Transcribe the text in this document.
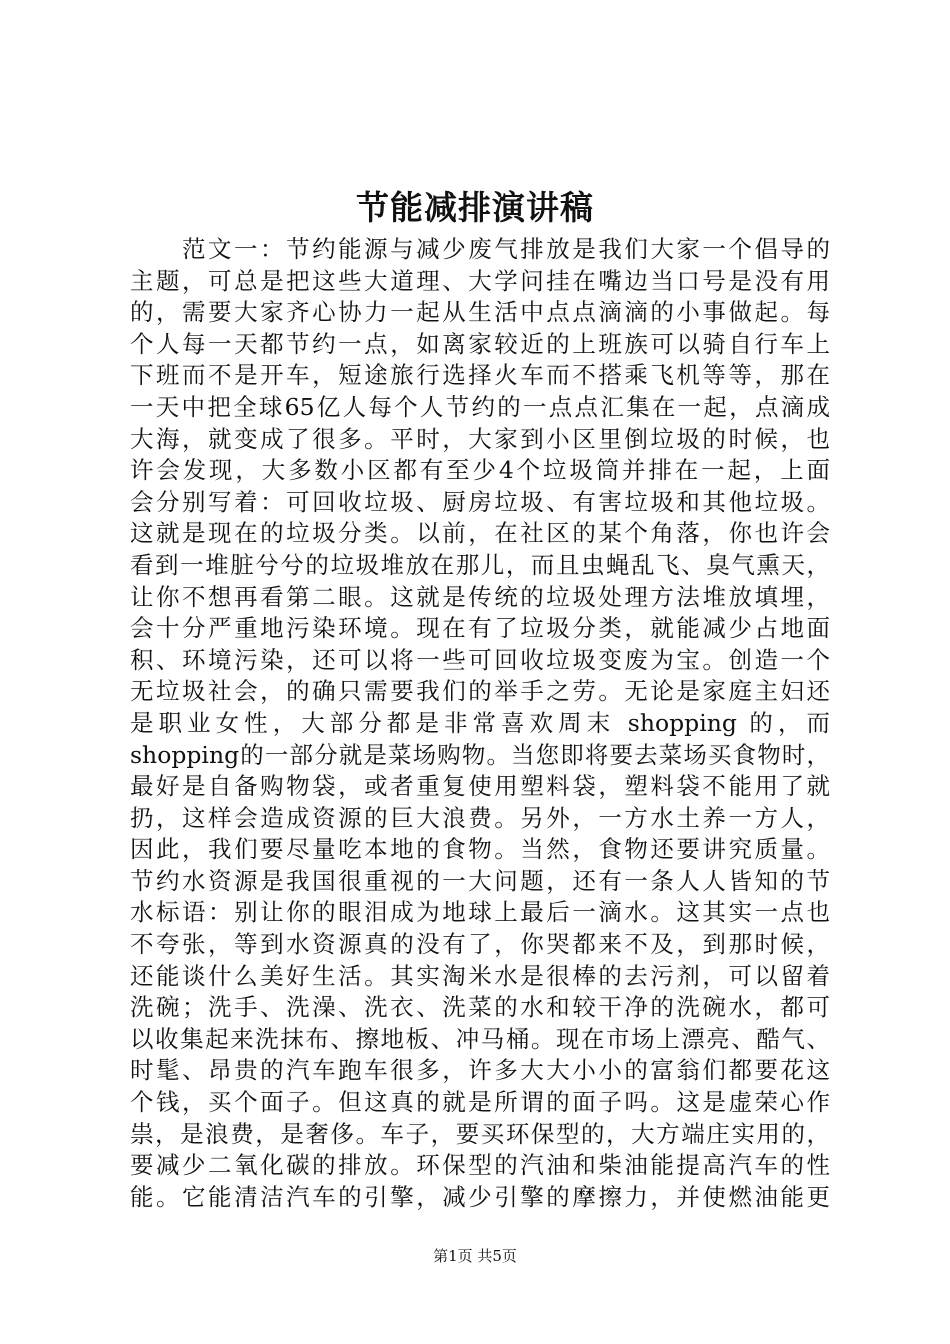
节能减排演讲稿
范文一：节约能源与减少废气排放是我们大家一个倡导的
主题，可总是把这些大道理、大学问挂在嘴边当口号是没有用
的，需要大家齐心协力一起从生活中点点滴滴的小事做起。每
个人每一天都节约一点，如离家较近的上班族可以骑自行车上
下班而不是开车，短途旅行选择火车而不搭乘飞机等等，那在
一天中把全球65亿人每个人节约的一点点汇集在一起，点滴成
大海，就变成了很多。平时，大家到小区里倒垃圾的时候，也
许会发现，大多数小区都有至少4个垃圾筒并排在一起，上面
会分别写着：可回收垃圾、厨房垃圾、有害垃圾和其他垃圾。
这就是现在的垃圾分类。以前，在社区的某个角落，你也许会
看到一堆脏兮兮的垃圾堆放在那儿，而且虫蝇乱飞、臭气熏天，
让你不想再看第二眼。这就是传统的垃圾处理方法堆放填埋，
会十分严重地污染环境。现在有了垃圾分类，就能减少占地面
积、环境污染，还可以将一些可回收垃圾变废为宝。创造一个
无垃圾社会，的确只需要我们的举手之劳。无论是家庭主妇还
是职业女性，大部分都是非常喜欢周末 shopping 的，而
shopping的一部分就是菜场购物。当您即将要去菜场买食物时，
最好是自备购物袋，或者重复使用塑料袋，塑料袋不能用了就
扔，这样会造成资源的巨大浪费。另外，一方水土养一方人，
因此，我们要尽量吃本地的食物。当然，食物还要讲究质量。
节约水资源是我国很重视的一大问题，还有一条人人皆知的节
水标语：别让你的眼泪成为地球上最后一滴水。这其实一点也
不夸张，等到水资源真的没有了，你哭都来不及，到那时候，
还能谈什么美好生活。其实淘米水是很棒的去污剂，可以留着
洗碗；洗手、洗澡、洗衣、洗菜的水和较干净的洗碗水，都可
以收集起来洗抹布、擦地板、冲马桶。现在市场上漂亮、酷气、
时髦、昂贵的汽车跑车很多，许多大大小小的富翁们都要花这
个钱，买个面子。但这真的就是所谓的面子吗。这是虚荣心作
祟，是浪费，是奢侈。车子，要买环保型的，大方端庄实用的，
要减少二氧化碳的排放。环保型的汽油和柴油能提高汽车的性
能。它能清洁汽车的引擎，减少引擎的摩擦力，并使燃油能更
第1页 共5页
